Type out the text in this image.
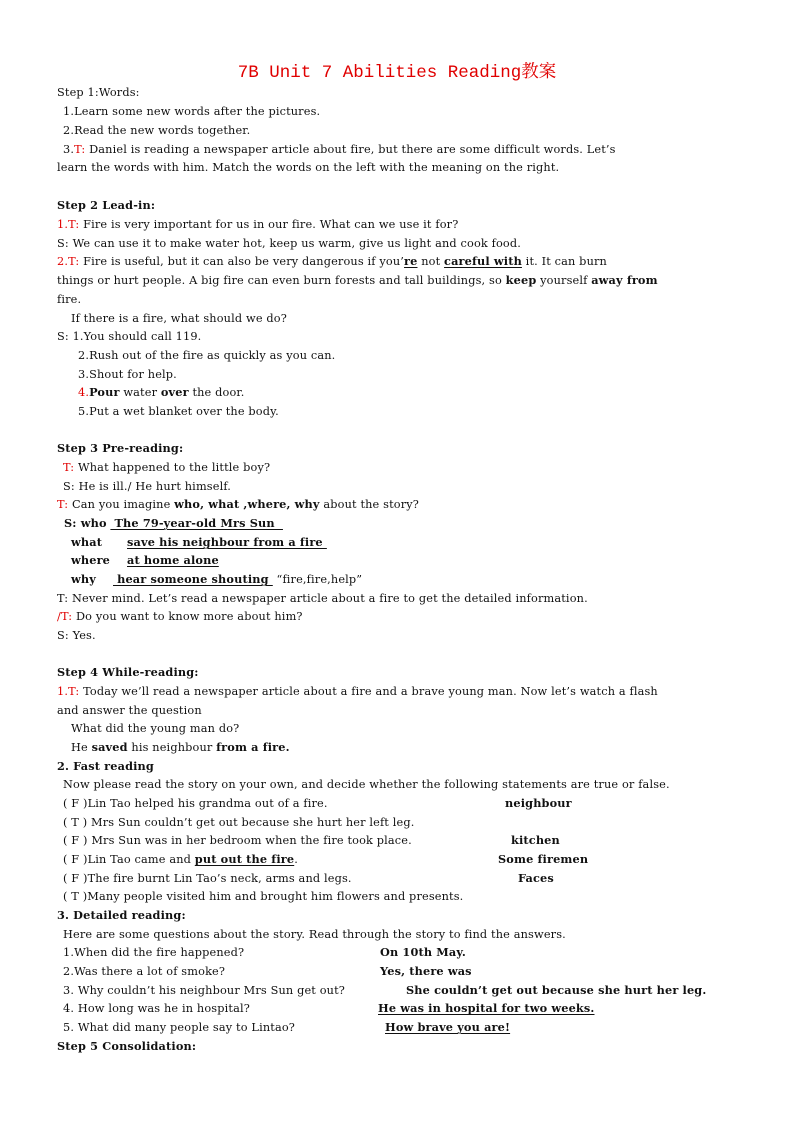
7B Unit 7 Abilities Reading教案
Step 1:Words:
1.Learn some new words after the pictures.
2.Read the new words together.
3.T: Daniel is reading a newspaper article about fire, but there are some difficult words. Let’s
learn the words with him. Match the words on the left with the meaning on the right.
Step 2 Lead-in:
1.T: Fire is very important for us in our fire. What can we use it for?
S: We can use it to make water hot, keep us warm, give us light and cook food.
2.T: Fire is useful, but it can also be very dangerous if you’re not careful with it. It can burn
things or hurt people. A big fire can even burn forests and tall buildings, so keep yourself away from
fire.
If there is a fire, what should we do?
S: 1.You should call 119.
2.Rush out of the fire as quickly as you can.
3.Shout for help.
4.Pour water over the door.
5.Put a wet blanket over the body.
Step 3 Pre-reading:
T: What happened to the little boy?
S: He is ill./ He hurt himself.
T: Can you imagine who, what ,where, why about the story?
S: who  The 79-year-old Mrs Sun
what save his neighbour from a fire
where at home alone
why hear someone shouting  “fire,fire,help”
T: Never mind. Let’s read a newspaper article about a fire to get the detailed information.
/T: Do you want to know more about him?
S: Yes.
Step 4 While-reading:
1.T: Today we’ll read a newspaper article about a fire and a brave young man. Now let’s watch a flash
and answer the question
What did the young man do?
He saved his neighbour from a fire.
2. Fast reading
Now please read the story on your own, and decide whether the following statements are true or false.
( F )Lin Tao helped his grandma out of a fire.	neighbour
( T ) Mrs Sun couldn’t get out because she hurt her left leg.
( F ) Mrs Sun was in her bedroom when the fire took place.	kitchen
( F )Lin Tao came and put out the fire.	Some firemen
( F )The fire burnt Lin Tao’s neck, arms and legs.	Faces
( T )Many people visited him and brought him flowers and presents.
3. Detailed reading:
Here are some questions about the story. Read through the story to find the answers.
1.When did the fire happened?	On 10th May.
2.Was there a lot of smoke?	Yes, there was
3. Why couldn’t his neighbour Mrs Sun get out?	She couldn’t get out because she hurt her leg.
4. How long was he in hospital?	He was in hospital for two weeks.
5. What did many people say to Lintao?	How brave you are!
Step 5 Consolidation:
